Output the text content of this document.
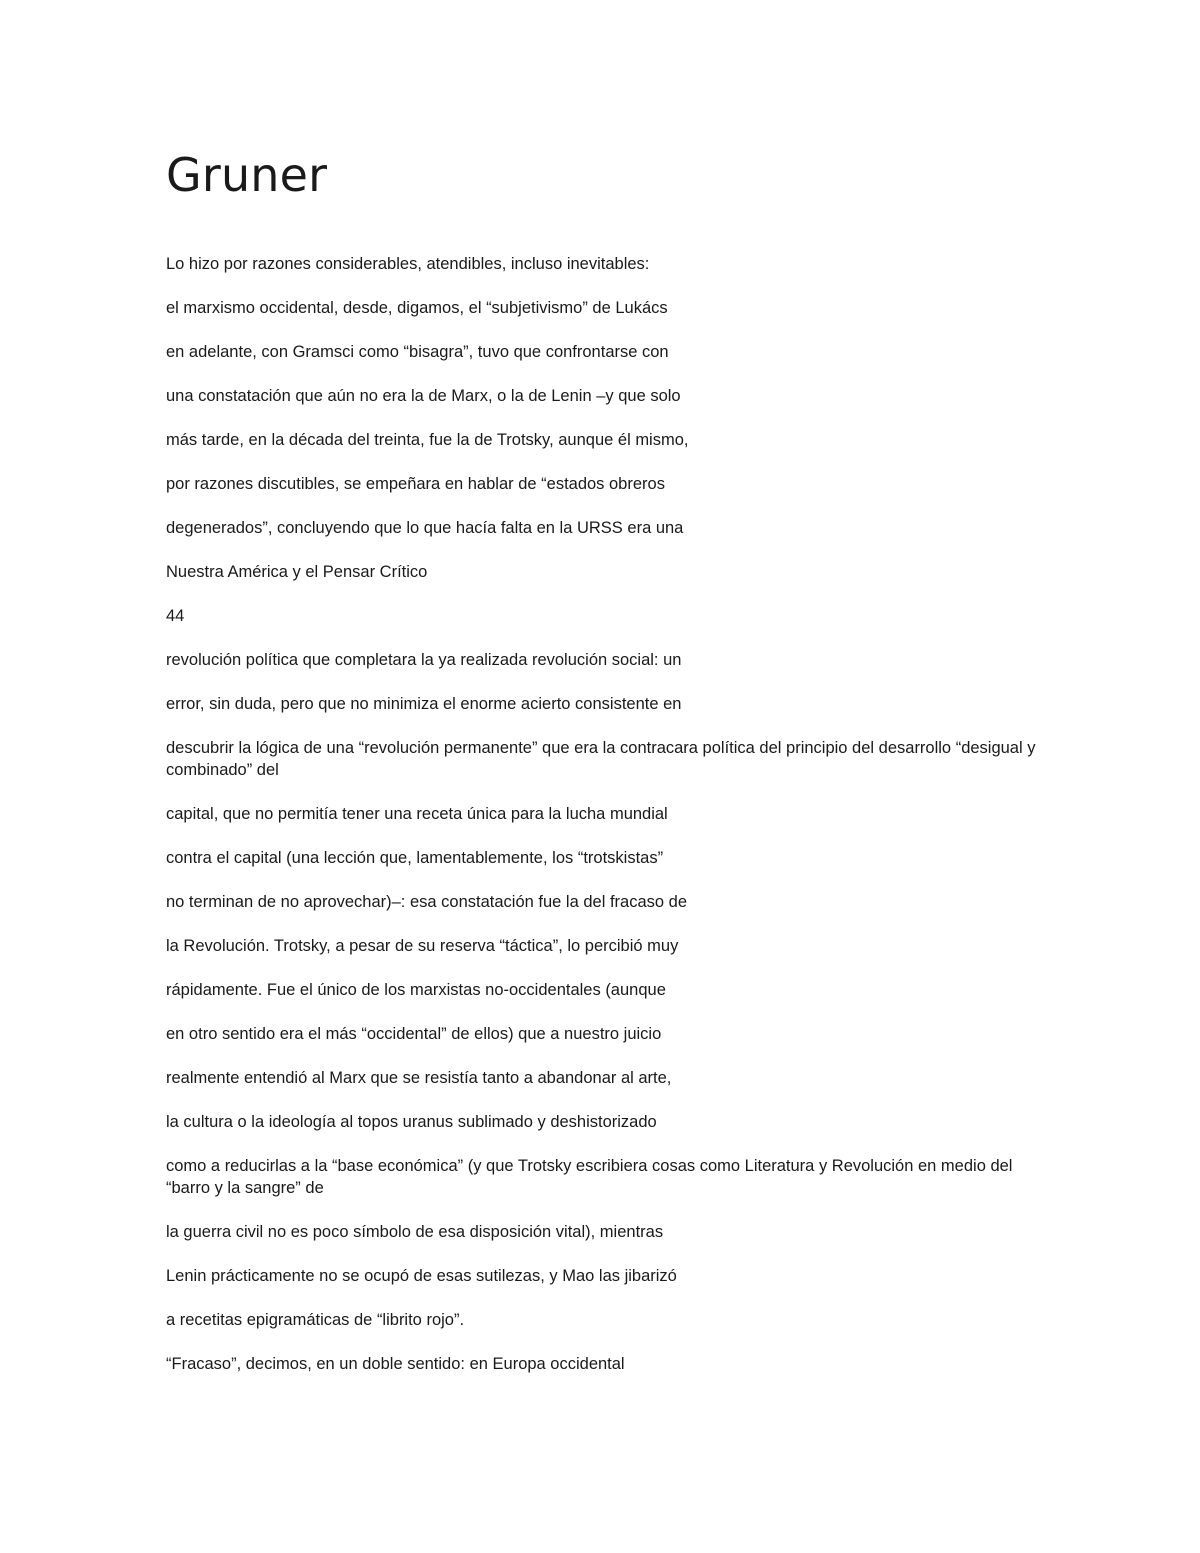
Gruner

Lo hizo por razones considerables, atendibles, incluso inevitables:

el marxismo occidental, desde, digamos, el “subjetivismo” de Lukács

en adelante, con Gramsci como “bisagra”, tuvo que confrontarse con

una constatación que aún no era la de Marx, o la de Lenin –y que solo

más tarde, en la década del treinta, fue la de Trotsky, aunque él mismo,

por razones discutibles, se empeñara en hablar de “estados obreros

degenerados”, concluyendo que lo que hacía falta en la URSS era una

Nuestra América y el Pensar Crítico

44

revolución política que completara la ya realizada revolución social: un

error, sin duda, pero que no minimiza el enorme acierto consistente en

descubrir la lógica de una “revolución permanente” que era la contracara política del principio del desarrollo “desigual y combinado” del

capital, que no permitía tener una receta única para la lucha mundial

contra el capital (una lección que, lamentablemente, los “trotskistas”

no terminan de no aprovechar)–: esa constatación fue la del fracaso de

la Revolución. Trotsky, a pesar de su reserva “táctica”, lo percibió muy

rápidamente. Fue el único de los marxistas no-occidentales (aunque

en otro sentido era el más “occidental” de ellos) que a nuestro juicio

realmente entendió al Marx que se resistía tanto a abandonar al arte,

la cultura o la ideología al topos uranus sublimado y deshistorizado

como a reducirlas a la “base económica” (y que Trotsky escribiera cosas como Literatura y Revolución en medio del “barro y la sangre” de

la guerra civil no es poco símbolo de esa disposición vital), mientras

Lenin prácticamente no se ocupó de esas sutilezas, y Mao las jibarizó

a recetitas epigramáticas de “librito rojo”.

“Fracaso”, decimos, en un doble sentido: en Europa occidental
